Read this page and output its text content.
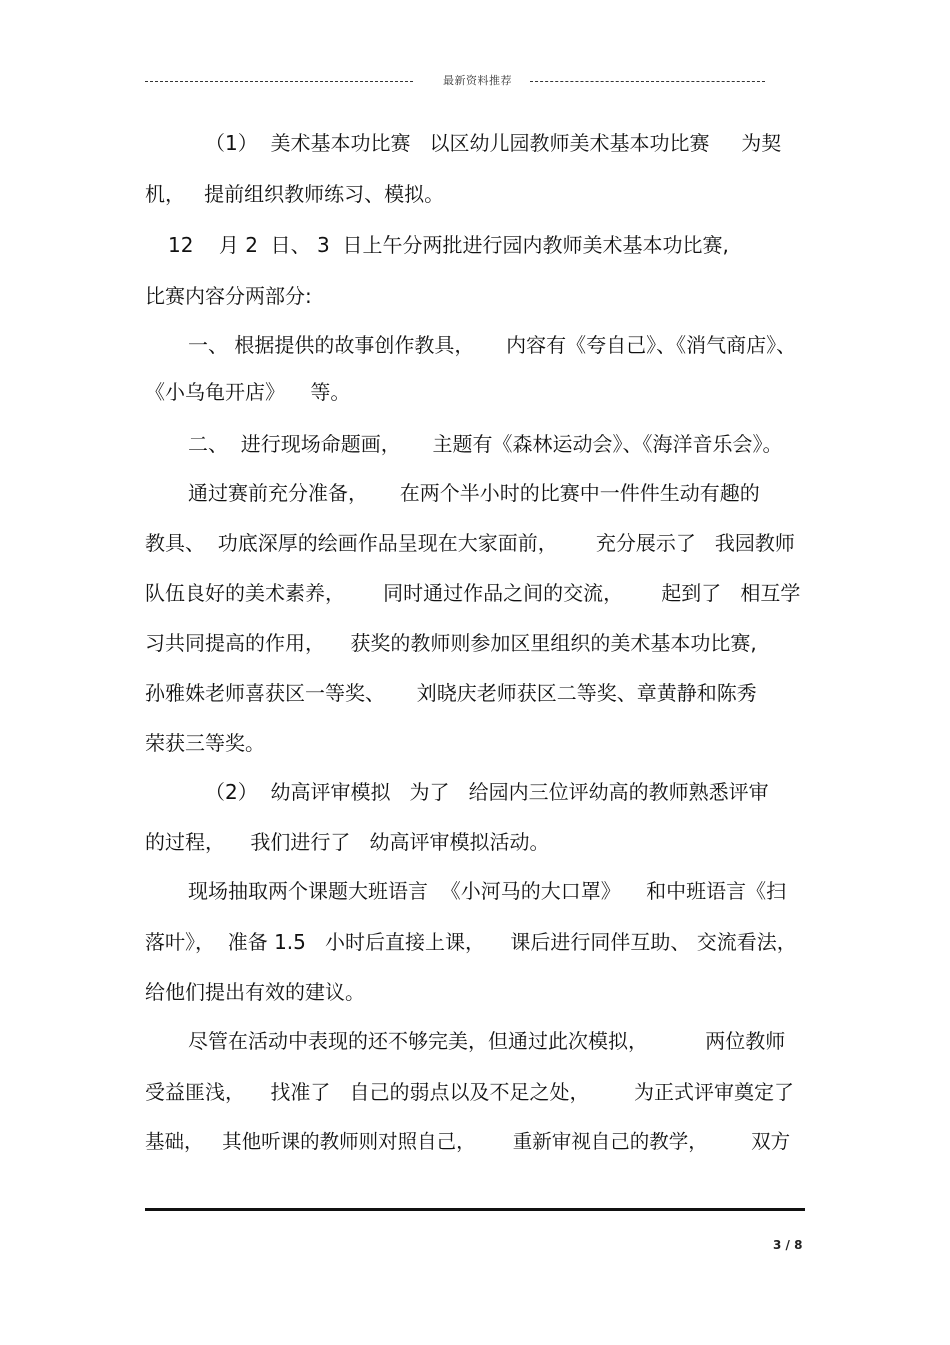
最新资料推荐
（1）  美术基本功比赛   以区幼儿园教师美术基本功比赛     为契
机，   提前组织教师练习、模拟。
12    月 2  日、 3  日上午分两批进行园内教师美术基本功比赛,
比赛内容分两部分:
一、 根据提供的故事创作教具，     内容有《夸自己》、《消气商店》、
《小乌龟开店》    等。
二、  进行现场命题画，     主题有《森林运动会》、《海洋音乐会》。
通过赛前充分准备，     在两个半小时的比赛中一件件生动有趣的
教具、  功底深厚的绘画作品呈现在大家面前，      充分展示了   我园教师
队伍良好的美术素养，      同时通过作品之间的交流，      起到了   相互学
习共同提高的作用，    获奖的教师则参加区里组织的美术基本功比赛,
孙雅姝老师喜获区一等奖、     刘晓庆老师获区二等奖、章黄静和陈秀
荣获三等奖。
（2）  幼高评审模拟   为了   给园内三位评幼高的教师熟悉评审
的过程，    我们进行了   幼高评审模拟活动。
现场抽取两个课题大班语言  《小河马的大口罩》    和中班语言《扫
落叶》，  准备 1.5   小时后直接上课，    课后进行同伴互助、 交流看法，
给他们提出有效的建议。
尽管在活动中表现的还不够完美，但通过此次模拟，         两位教师
受益匪浅，    找准了   自己的弱点以及不足之处，       为正式评审奠定了
基础，   其他听课的教师则对照自己，      重新审视自己的教学，       双方
3 / 8
